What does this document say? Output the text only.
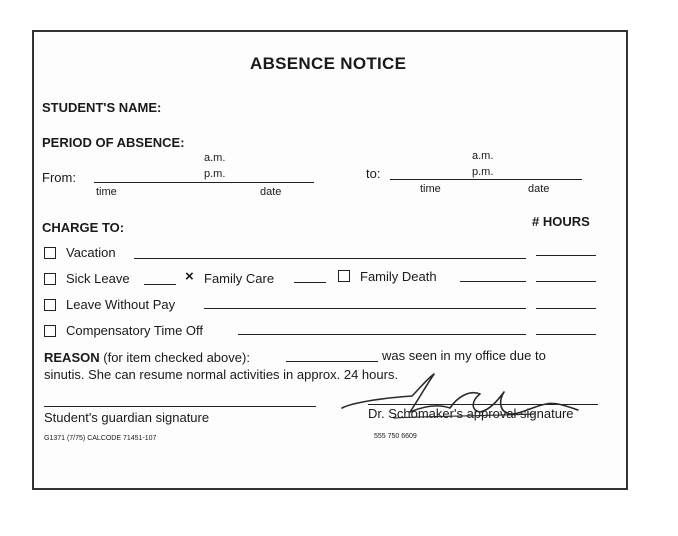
ABSENCE NOTICE
STUDENT'S NAME:
PERIOD OF ABSENCE:
From:
a.m.
p.m.
time	date
to:
a.m.
p.m.
time	date
CHARGE TO:	# HOURS
Vacation
Sick Leave	× Family Care	Family Death
Leave Without Pay
Compensatory Time Off
REASON (for item checked above):	was seen in my office due to
sinutis. She can resume normal activities in approx. 24 hours.
Student's guardian signature	Dr. Schomaker's approval signature
G1371 (7/75) CALCODE 71451-107	555 750 6609
